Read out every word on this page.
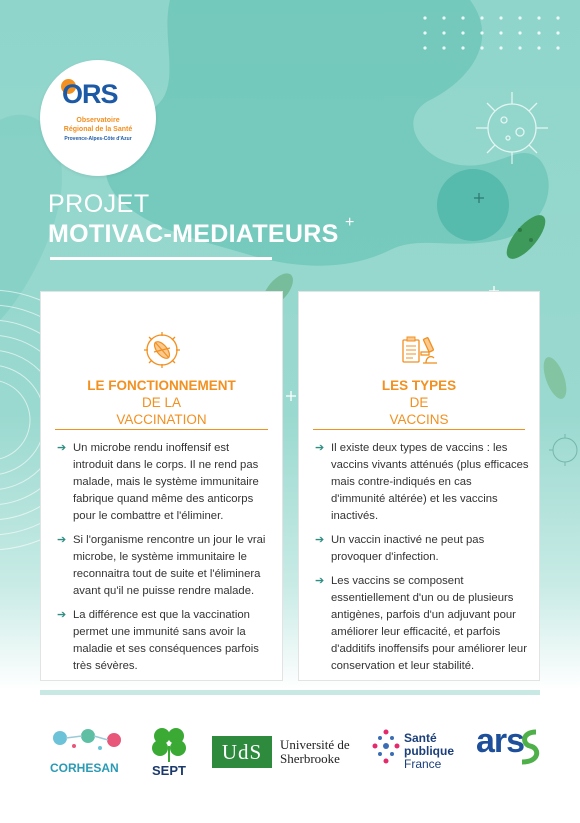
ORS
Observatoire
Régional de la Santé
Provence-Alpes-Côte d'Azur
PROJET
MOTIVAC-MEDIATEURS +
LE FONCTIONNEMENT
DE LA
VACCINATION
➔ Un microbe rendu inoffensif est introduit dans le corps. Il ne rend pas malade, mais le système immunitaire fabrique quand même des anticorps pour le combattre et l'éliminer.
➔ Si l'organisme rencontre un jour le vrai microbe, le système immunitaire le reconnaitra tout de suite et l'éliminera avant qu'il ne puisse rendre malade.
➔ La différence est que la vaccination permet une immunité sans avoir la maladie et ses conséquences parfois très sévères.
LES TYPES
DE
VACCINS
➔ Il existe deux types de vaccins : les vaccins vivants atténués (plus efficaces mais contre-indiqués en cas d'immunité altérée) et les vaccins inactivés.
➔ Un vaccin inactivé ne peut pas provoquer d'infection.
➔ Les vaccins se composent essentiellement d'un ou de plusieurs antigènes, parfois d'un adjuvant pour améliorer leur efficacité, et parfois d'additifs inoffensifs pour améliorer leur conservation et leur stabilité.
CORHESAN	SEPT
UdS	Université de
Sherbrooke
Santé
publique
France
ars
